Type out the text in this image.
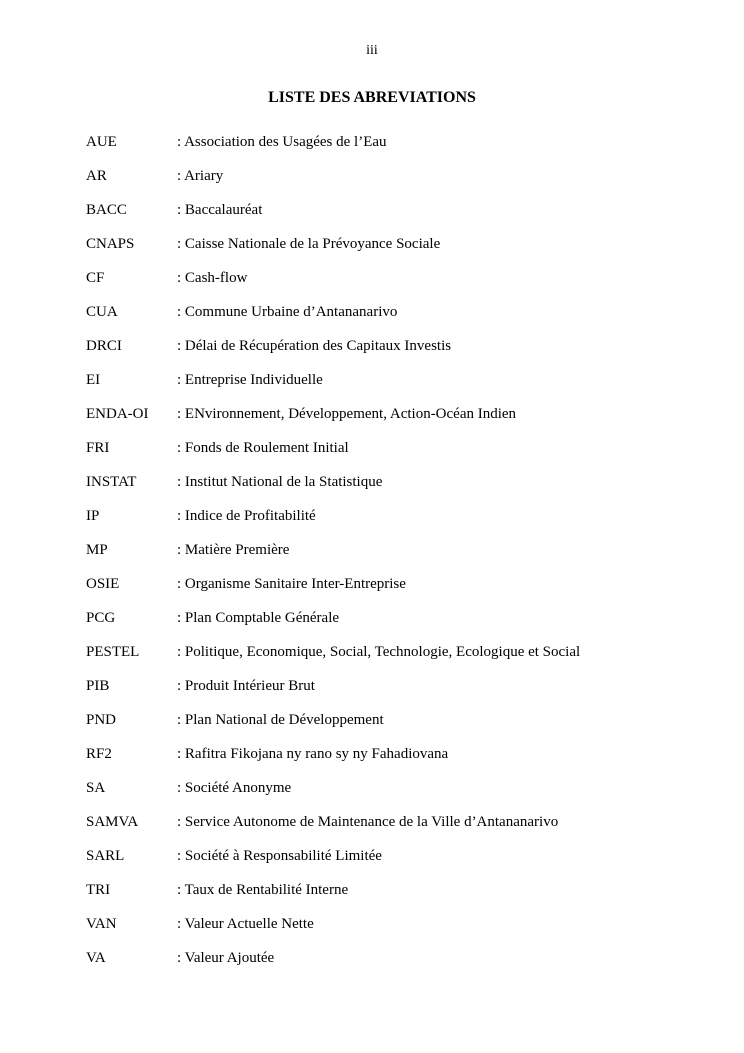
iii
LISTE DES ABREVIATIONS
AUE	: Association des Usagées de l’Eau
AR	: Ariary
BACC	: Baccalauréat
CNAPS	: Caisse Nationale de la Prévoyance Sociale
CF	: Cash-flow
CUA	: Commune Urbaine d’Antananarivo
DRCI	: Délai de Récupération des Capitaux Investis
EI	: Entreprise Individuelle
ENDA-OI	: ENvironnement, Développement, Action-Océan Indien
FRI	: Fonds de Roulement Initial
INSTAT	: Institut National de la Statistique
IP	: Indice de Profitabilité
MP	: Matière Première
OSIE	: Organisme Sanitaire Inter-Entreprise
PCG	: Plan Comptable Générale
PESTEL	: Politique, Economique, Social, Technologie, Ecologique et Social
PIB	: Produit Intérieur Brut
PND	: Plan National de Développement
RF2	: Rafitra Fikojana ny rano sy ny Fahadiovana
SA	: Société Anonyme
SAMVA	: Service Autonome de Maintenance de la Ville d’Antananarivo
SARL	: Société à Responsabilité Limitée
TRI	: Taux de Rentabilité Interne
VAN	: Valeur Actuelle Nette
VA	: Valeur Ajoutée
